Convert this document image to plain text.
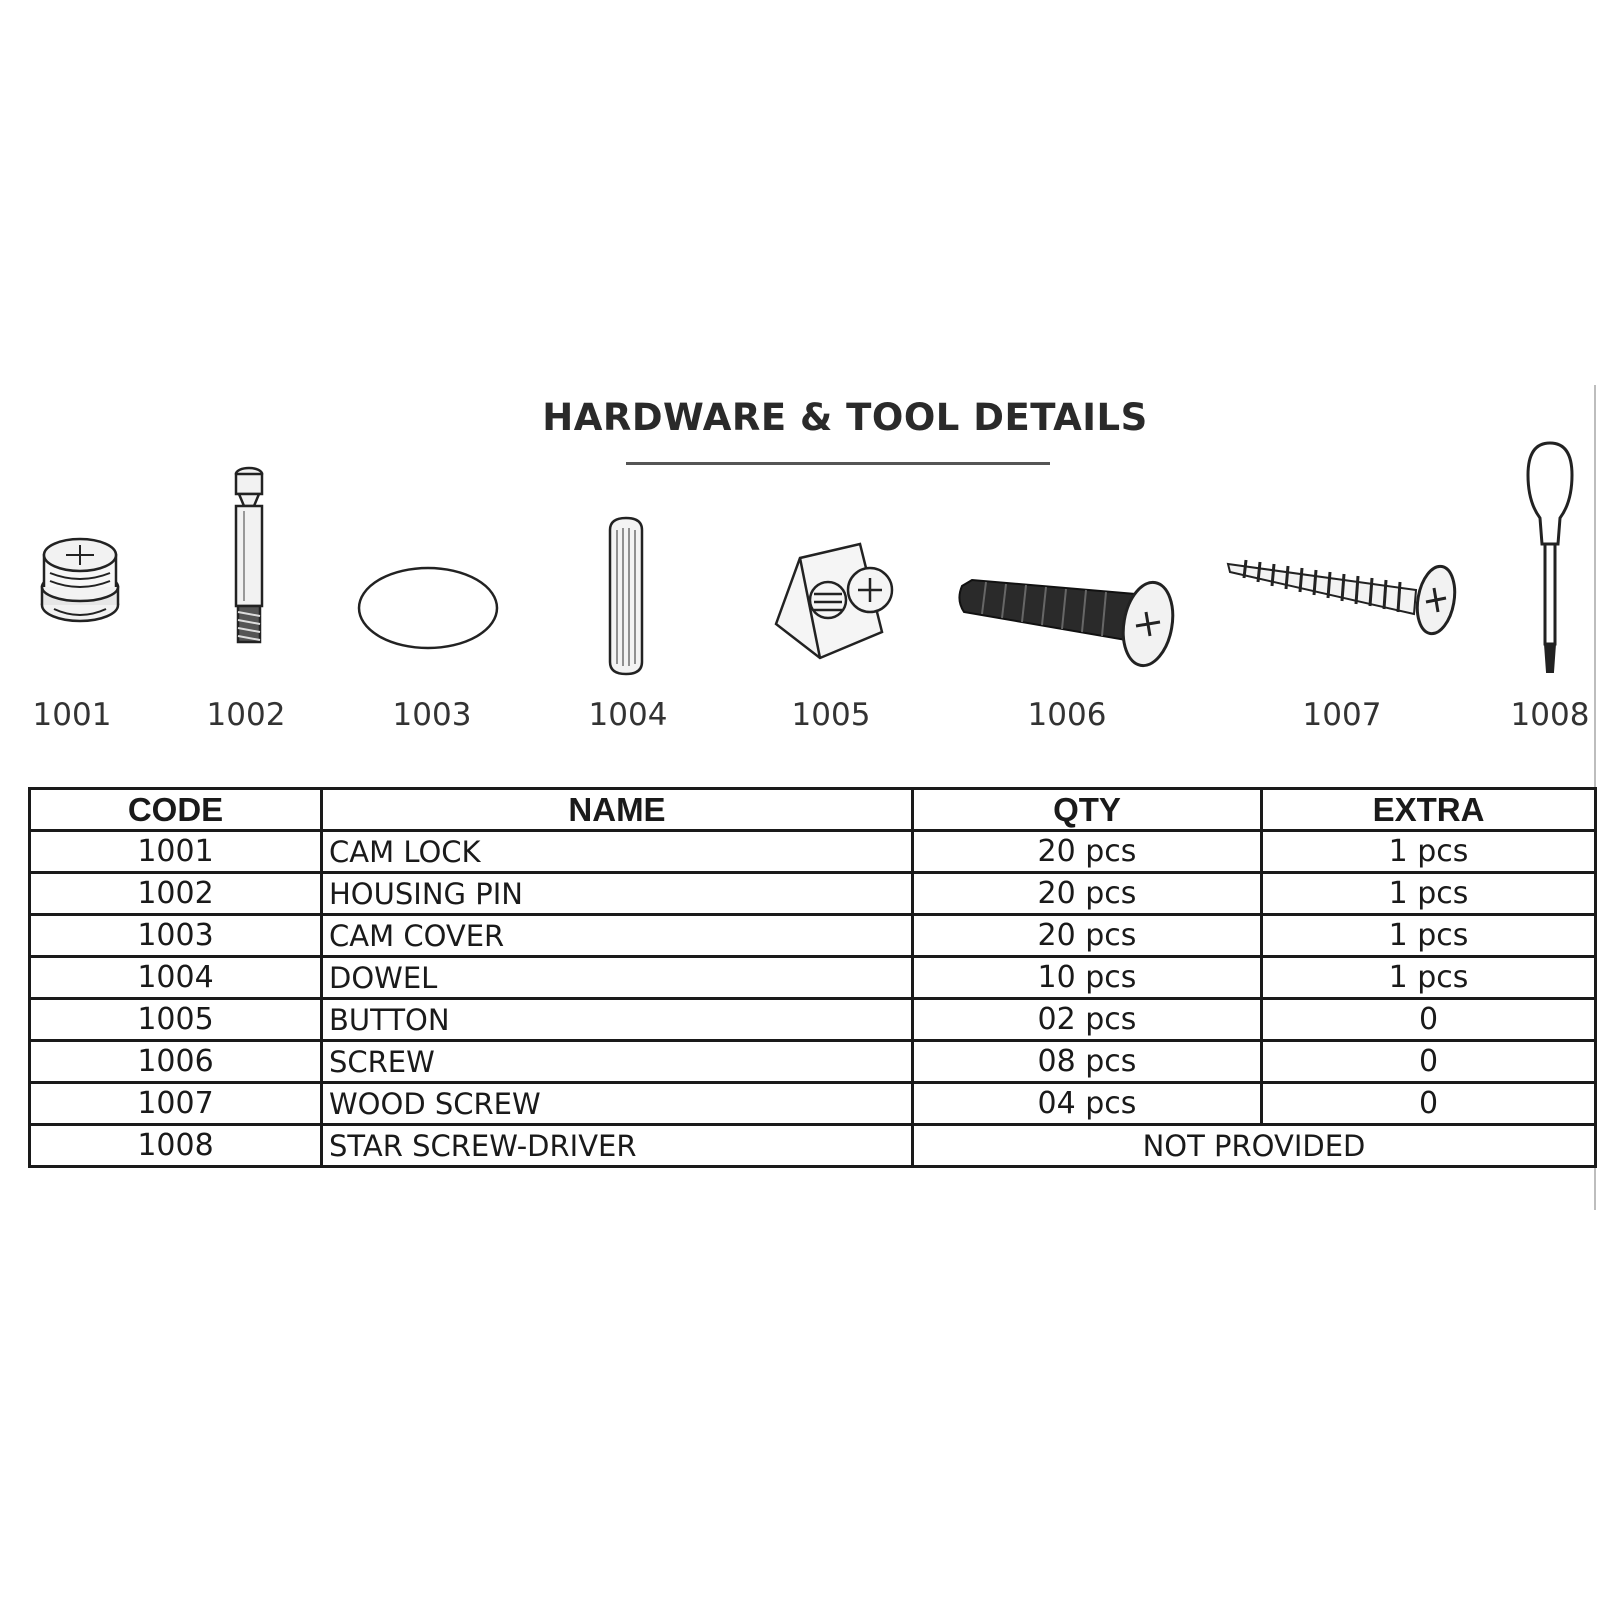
HARDWARE & TOOL DETAILS
1001	1002	1003	1004	1005	1006	1007	1008
CODE	NAME	QTY	EXTRA
1001	CAM LOCK	20 pcs	1 pcs
1002	HOUSING PIN	20 pcs	1 pcs
1003	CAM COVER	20 pcs	1 pcs
1004	DOWEL	10 pcs	1 pcs
1005	BUTTON	02 pcs	0
1006	SCREW	08 pcs	0
1007	WOOD SCREW	04 pcs	0
1008	STAR SCREW-DRIVER	NOT PROVIDED	
